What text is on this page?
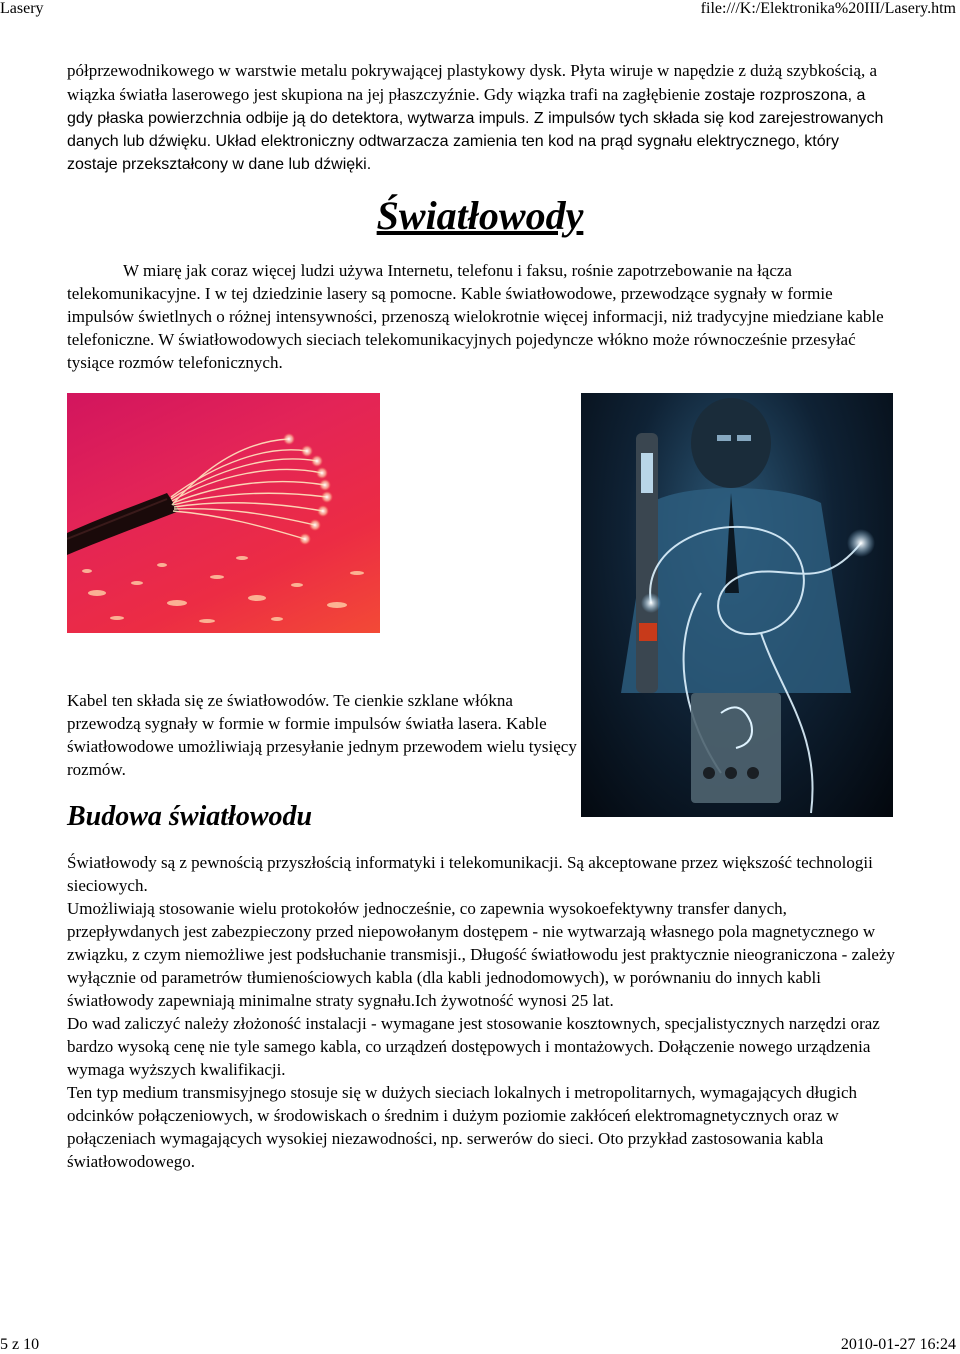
Lasery	file:///K:/Elektronika%20III/Lasery.htm

półprzewodnikowego w warstwie metalu pokrywającej plastykowy dysk. Płyta wiruje w napędzie z dużą szybkością, a wiązka światła laserowego jest skupiona na jej płaszczyźnie. Gdy wiązka trafi na zagłębienie zostaje rozproszona, a gdy płaska powierzchnia odbije ją do detektora, wytwarza impuls. Z impulsów tych składa się kod zarejestrowanych danych lub dźwięku. Układ elektroniczny odtwarzacza zamienia ten kod na prąd sygnału elektrycznego, który zostaje przekształcony w dane lub dźwięki.

Światłowody

W miarę jak coraz więcej ludzi używa Internetu, telefonu i faksu, rośnie zapotrzebowanie na łącza telekomunikacyjne. I w tej dziedzinie lasery są pomocne. Kable światłowodowe, przewodzące sygnały w formie impulsów świetlnych o różnej intensywności, przenoszą wielokrotnie więcej informacji, niż tradycyjne miedziane kable telefoniczne. W światłowodowych sieciach telekomunikacyjnych pojedyncze włókno może równocześnie przesyłać tysiące rozmów telefonicznych.

Kabel ten składa się ze światłowodów. Te cienkie szklane włókna przewodzą sygnały w formie w formie impulsów światła lasera. Kable światłowodowe umożliwiają przesyłanie jednym przewodem wielu tysięcy rozmów.

Budowa światłowodu
Światłowody są z pewnością przyszłością informatyki i telekomunikacji. Są akceptowane przez większość technologii sieciowych.
Umożliwiają stosowanie wielu protokołów jednocześnie, co zapewnia wysokoefektywny transfer danych, przepływdanych jest zabezpieczony przed niepowołanym dostępem - nie wytwarzają własnego pola magnetycznego w związku, z czym niemożliwe jest podsłuchanie transmisji., Długość światłowodu jest praktycznie nieograniczona - zależy wyłącznie od parametrów tłumienościowych kabla (dla kabli jednodomowych), w porównaniu do innych kabli światłowody zapewniają minimalne straty sygnału.Ich żywotność wynosi 25 lat.
Do wad zaliczyć należy złożoność instalacji - wymagane jest stosowanie kosztownych, specjalistycznych narzędzi oraz bardzo wysoką cenę nie tyle samego kabla, co urządzeń dostępowych i montażowych. Dołączenie nowego urządzenia wymaga wyższych kwalifikacji.
Ten typ medium transmisyjnego stosuje się w dużych sieciach lokalnych i metropolitarnych, wymagających długich odcinków połączeniowych, w środowiskach o średnim i dużym poziomie zakłóceń elektromagnetycznych oraz w połączeniach wymagających wysokiej niezawodności, np. serwerów do sieci. Oto przykład zastosowania kabla światłowodowego.
5 z 10	2010-01-27 16:24
